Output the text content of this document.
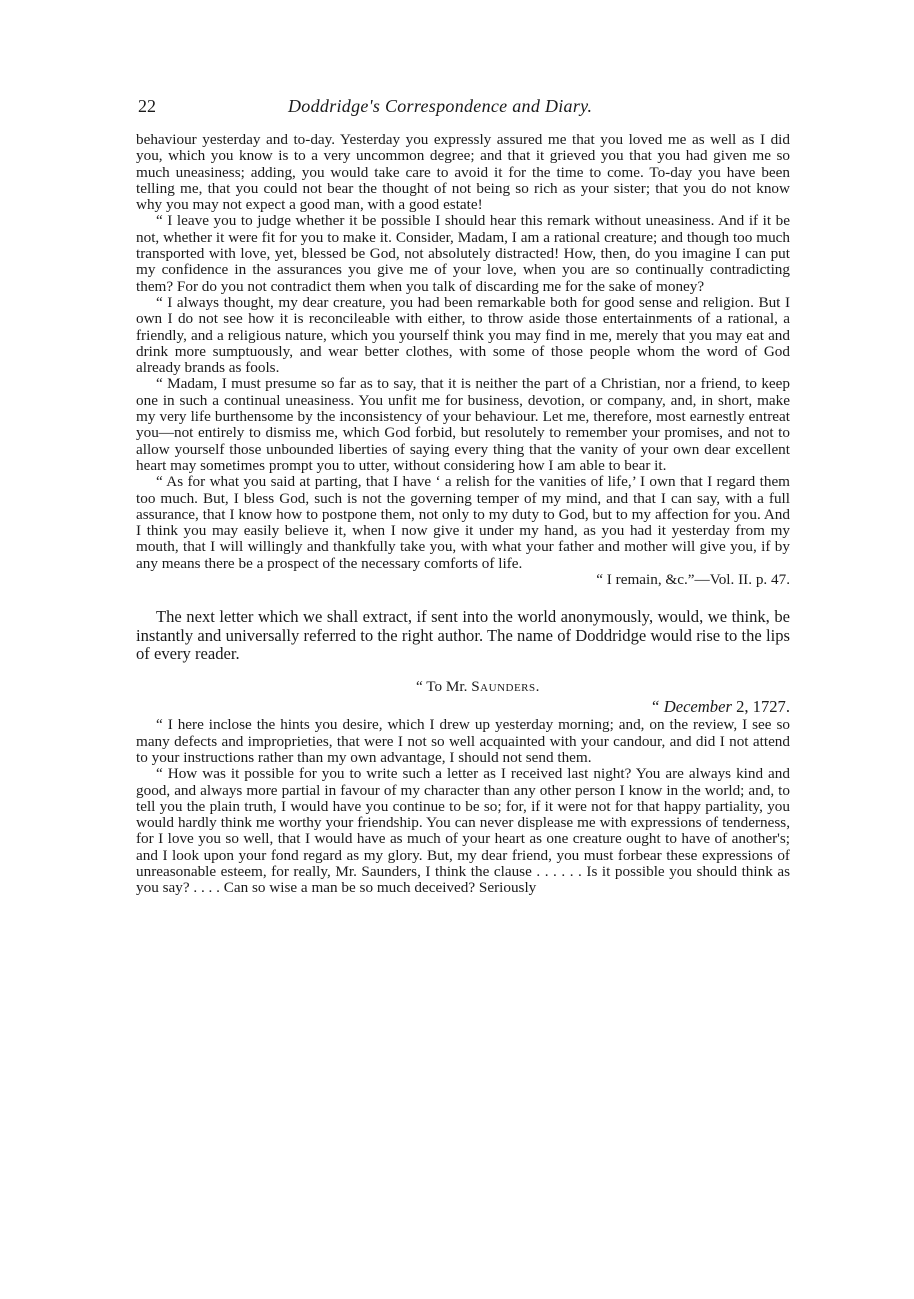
22	Doddridge's Correspondence and Diary.

behaviour yesterday and to-day. Yesterday you expressly assured me that you loved me as well as I did you, which you know is to a very uncommon degree; and that it grieved you that you had given me so much uneasiness; adding, you would take care to avoid it for the time to come. To-day you have been telling me, that you could not bear the thought of not being so rich as your sister; that you do not know why you may not expect a good man, with a good estate!

“ I leave you to judge whether it be possible I should hear this remark without uneasiness. And if it be not, whether it were fit for you to make it. Consider, Madam, I am a rational creature; and though too much transported with love, yet, blessed be God, not absolutely distracted! How, then, do you imagine I can put my confidence in the assurances you give me of your love, when you are so continually contradicting them? For do you not contradict them when you talk of discarding me for the sake of money?

“ I always thought, my dear creature, you had been remarkable both for good sense and religion. But I own I do not see how it is reconcileable with either, to throw aside those entertainments of a rational, a friendly, and a religious nature, which you yourself think you may find in me, merely that you may eat and drink more sumptuously, and wear better clothes, with some of those people whom the word of God already brands as fools.

“ Madam, I must presume so far as to say, that it is neither the part of a Christian, nor a friend, to keep one in such a continual uneasiness. You unfit me for business, devotion, or company, and, in short, make my very life burthensome by the inconsistency of your behaviour. Let me, therefore, most earnestly entreat you—not entirely to dismiss me, which God forbid, but resolutely to remember your promises, and not to allow yourself those unbounded liberties of saying every thing that the vanity of your own dear excellent heart may sometimes prompt you to utter, without considering how I am able to bear it.

“ As for what you said at parting, that I have ‘ a relish for the vanities of life,’ I own that I regard them too much. But, I bless God, such is not the governing temper of my mind, and that I can say, with a full assurance, that I know how to postpone them, not only to my duty to God, but to my affection for you. And I think you may easily believe it, when I now give it under my hand, as you had it yesterday from my mouth, that I will willingly and thankfully take you, with what your father and mother will give you, if by any means there be a prospect of the necessary comforts of life.

“ I remain, &c.”—Vol. II. p. 47.

The next letter which we shall extract, if sent into the world anonymously, would, we think, be instantly and universally referred to the right author. The name of Doddridge would rise to the lips of every reader.

“ To Mr. Saunders.

“ December 2, 1727.

“ I here inclose the hints you desire, which I drew up yesterday morning; and, on the review, I see so many defects and improprieties, that were I not so well acquainted with your candour, and did I not attend to your instructions rather than my own advantage, I should not send them.

“ How was it possible for you to write such a letter as I received last night? You are always kind and good, and always more partial in favour of my character than any other person I know in the world; and, to tell you the plain truth, I would have you continue to be so; for, if it were not for that happy partiality, you would hardly think me worthy your friendship. You can never displease me with expressions of tenderness, for I love you so well, that I would have as much of your heart as one creature ought to have of another's; and I look upon your fond regard as my glory. But, my dear friend, you must forbear these expressions of unreasonable esteem, for really, Mr. Saunders, I think the clause . . . . . . Is it possible you should think as you say? . . . . Can so wise a man be so much deceived? Seriously
